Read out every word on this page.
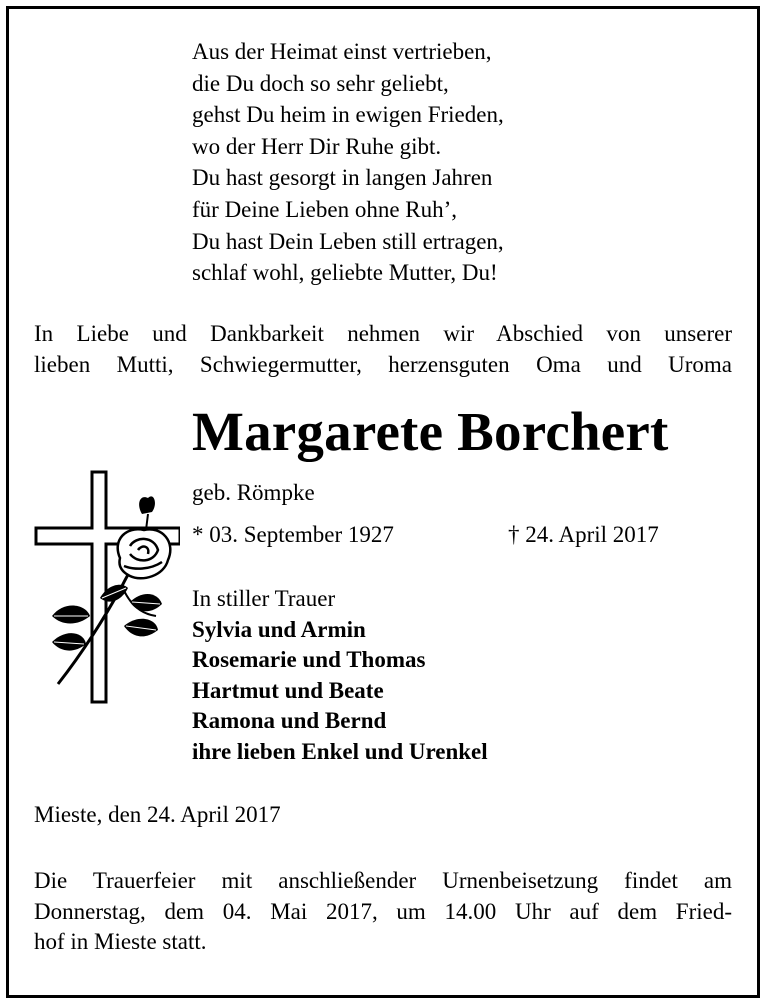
Aus der Heimat einst vertrieben,
die Du doch so sehr geliebt,
gehst Du heim in ewigen Frieden,
wo der Herr Dir Ruhe gibt.
Du hast gesorgt in langen Jahren
für Deine Lieben ohne Ruh’,
Du hast Dein Leben still ertragen,
schlaf wohl, geliebte Mutter, Du!
In Liebe und Dankbarkeit nehmen wir Abschied von unserer
lieben Mutti, Schwiegermutter, herzensguten Oma und Uroma
Margarete Borchert
geb. Römpke
* 03. September 1927	† 24. April 2017
In stiller Trauer
Sylvia und Armin
Rosemarie und Thomas
Hartmut und Beate
Ramona und Bernd
ihre lieben Enkel und Urenkel
Mieste, den 24. April 2017
Die Trauerfeier mit anschließender Urnenbeisetzung findet am
Donnerstag, dem 04. Mai 2017, um 14.00 Uhr auf dem Fried-
hof in Mieste statt.
